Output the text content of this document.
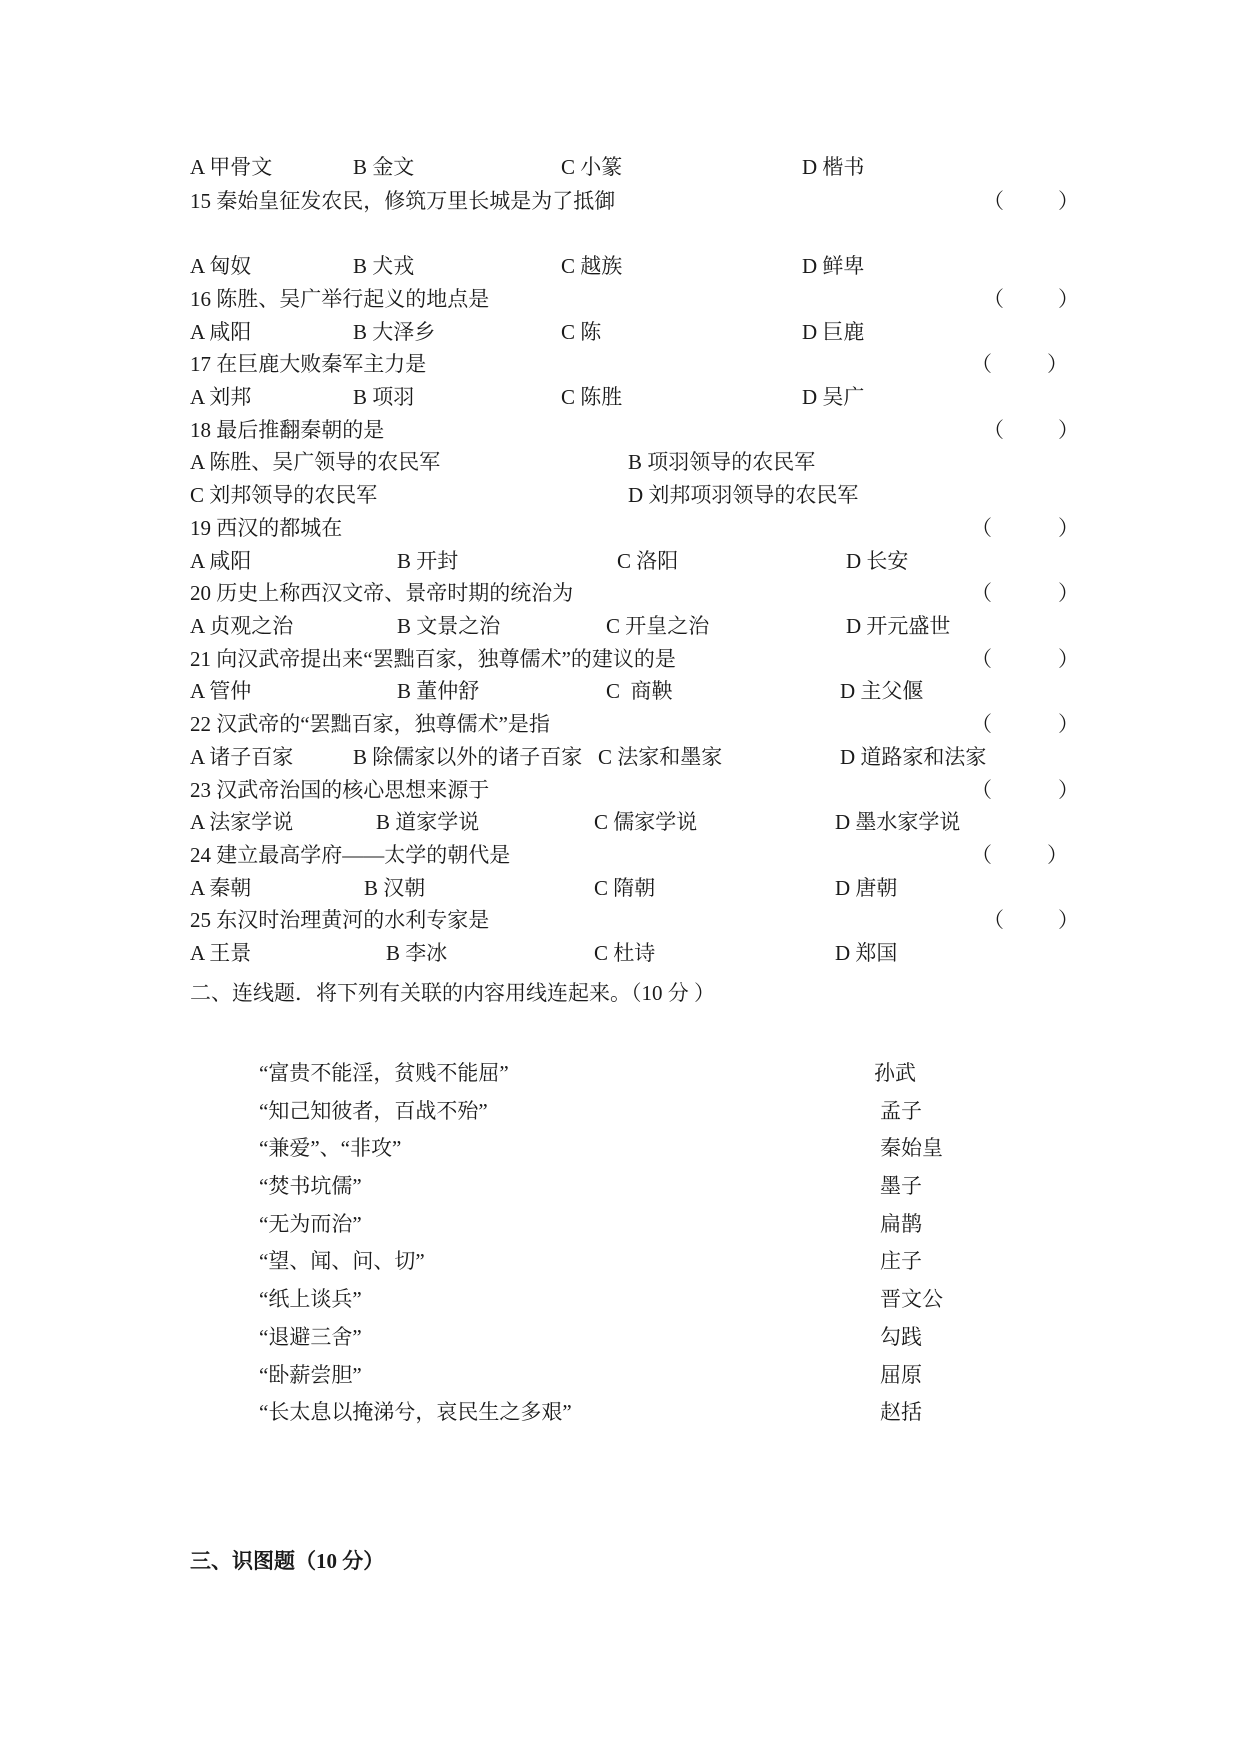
A 甲骨文	B 金文	C 小篆	D 楷书
15 秦始皇征发农民，修筑万里长城是为了抵御	（	）
A 匈奴	B 犬戎	C 越族	D 鲜卑
16 陈胜、吴广举行起义的地点是	（	）
A 咸阳	B 大泽乡	C 陈	D 巨鹿
17 在巨鹿大败秦军主力是	（	）
A 刘邦	B 项羽	C 陈胜	D 吴广
18 最后推翻秦朝的是	（	）
A 陈胜、吴广领导的农民军	B 项羽领导的农民军
C 刘邦领导的农民军	D 刘邦项羽领导的农民军
19 西汉的都城在	（	）
A 咸阳	B 开封	C 洛阳	D 长安
20 历史上称西汉文帝、景帝时期的统治为	（	）
A 贞观之治	B 文景之治	C 开皇之治	D 开元盛世
21 向汉武帝提出来“罢黜百家，独尊儒术”的建议的是	（	）
A 管仲	B 董仲舒	C  商鞅	D 主父偃
22 汉武帝的“罢黜百家，独尊儒术”是指	（	）
A 诸子百家	B 除儒家以外的诸子百家 C 法家和墨家	D 道路家和法家
23 汉武帝治国的核心思想来源于	（	）
A 法家学说	B 道家学说	C 儒家学说	D 墨水家学说
24 建立最高学府——太学的朝代是	（	）
A 秦朝	B 汉朝	C 隋朝	D 唐朝
25 东汉时治理黄河的水利专家是	（	）
A 王景	B 李冰	C 杜诗	D 郑国
二、连线题．将下列有关联的内容用线连起来。（10 分 ）
“富贵不能淫，贫贱不能屈”	孙武
“知己知彼者，百战不殆”	孟子
“兼爱”、“非攻”	秦始皇
“焚书坑儒”	墨子
“无为而治”	扁鹊
“望、闻、问、切”	庄子
“纸上谈兵”	晋文公
“退避三舍”	勾践
“卧薪尝胆”	屈原
“长太息以掩涕兮，哀民生之多艰”	赵括
三、识图题（10 分）
